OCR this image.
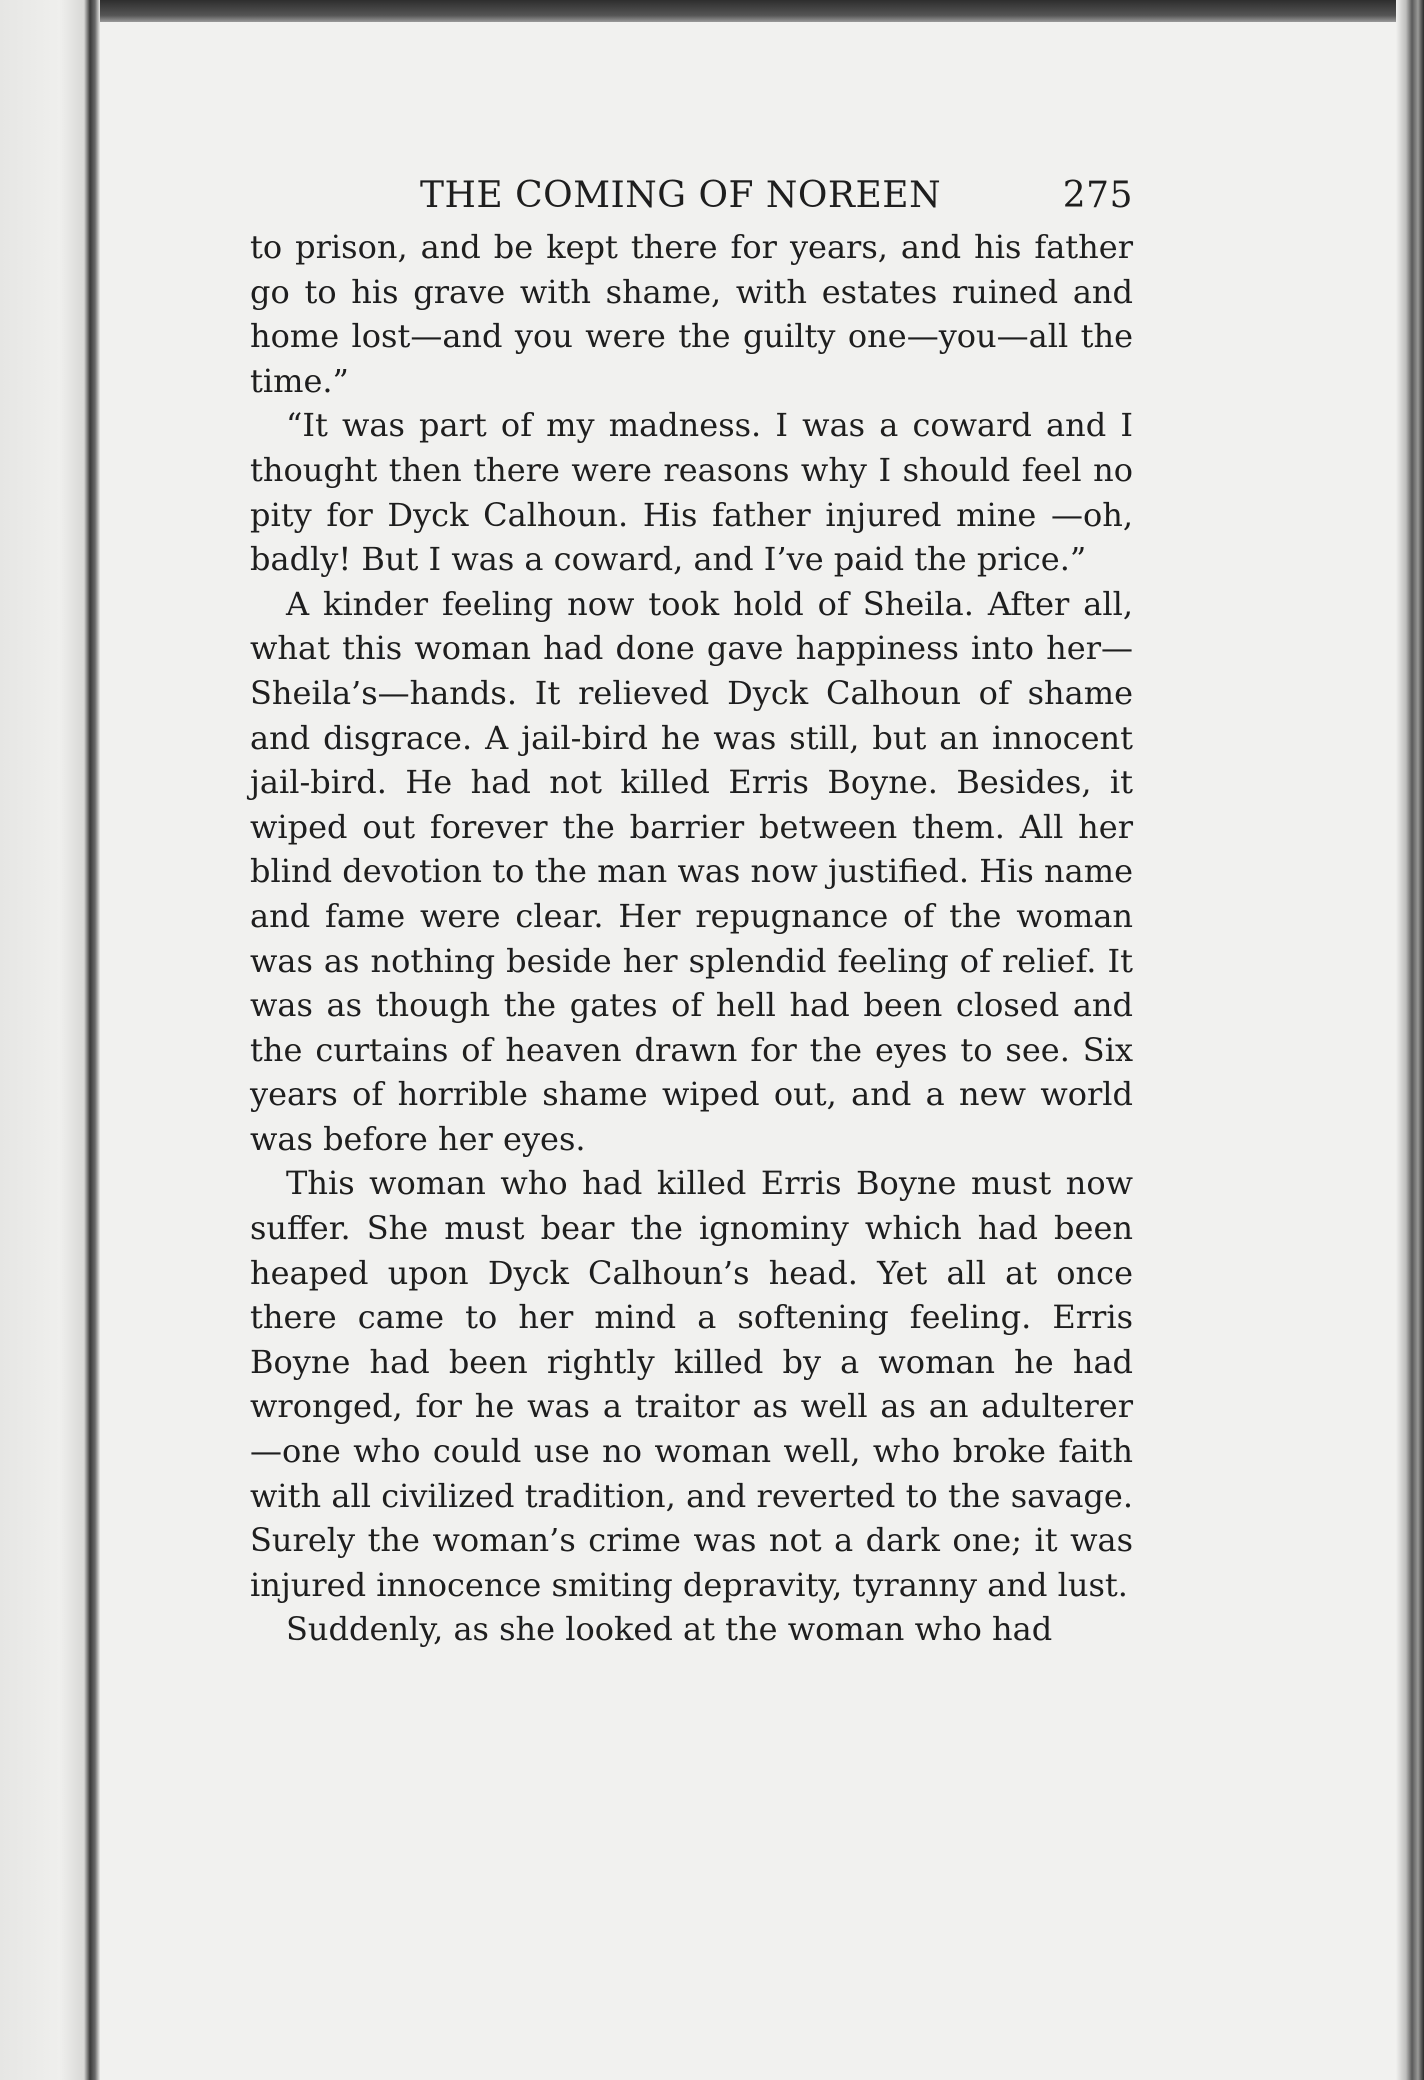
THE COMING OF NOREEN	275

to prison, and be kept there for years, and his father go to his grave with shame, with estates ruined and home lost—and you were the guilty one—you—all the time.”

“It was part of my madness. I was a coward and I thought then there were reasons why I should feel no pity for Dyck Calhoun. His father injured mine —oh, badly! But I was a coward, and I’ve paid the price.”

A kinder feeling now took hold of Sheila. After all, what this woman had done gave happiness into her—Sheila’s—hands. It relieved Dyck Calhoun of shame and disgrace. A jail-bird he was still, but an innocent jail-bird. He had not killed Erris Boyne. Besides, it wiped out forever the barrier between them. All her blind devotion to the man was now justified. His name and fame were clear. Her repugnance of the woman was as nothing beside her splendid feeling of relief. It was as though the gates of hell had been closed and the curtains of heaven drawn for the eyes to see. Six years of horrible shame wiped out, and a new world was before her eyes.

This woman who had killed Erris Boyne must now suffer. She must bear the ignominy which had been heaped upon Dyck Calhoun’s head. Yet all at once there came to her mind a softening feeling. Erris Boyne had been rightly killed by a woman he had wronged, for he was a traitor as well as an adulterer —one who could use no woman well, who broke faith with all civilized tradition, and reverted to the savage. Surely the woman’s crime was not a dark one; it was injured innocence smiting depravity, tyranny and lust.

Suddenly, as she looked at the woman who had
